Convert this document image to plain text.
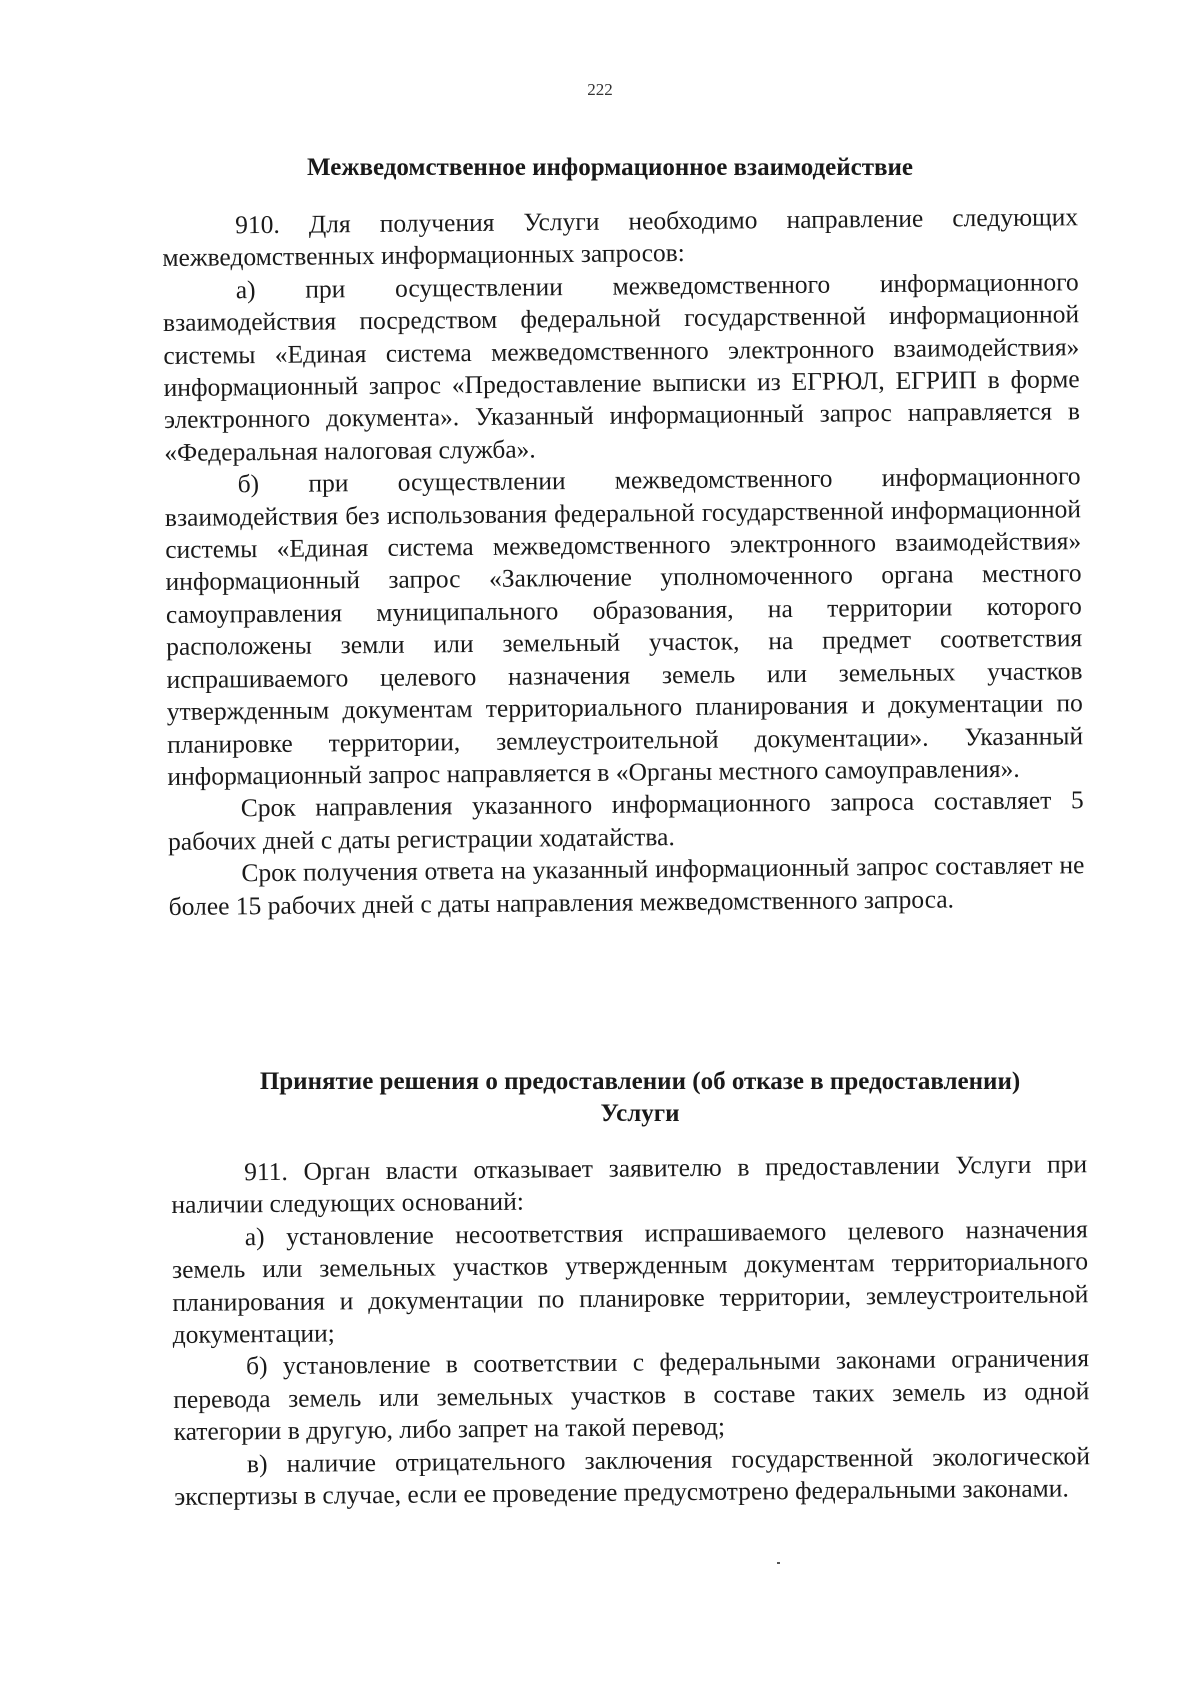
222
Межведомственное информационное взаимодействие

910. Для получения Услуги необходимо направление следующих межведомственных информационных запросов:

а) при осуществлении межведомственного информационного взаимодействия посредством федеральной государственной информационной системы «Единая система межведомственного электронного взаимодействия» информационный запрос «Предоставление выписки из ЕГРЮЛ, ЕГРИП в форме электронного документа». Указанный информационный запрос направляется в «Федеральная налоговая служба».

б) при осуществлении межведомственного информационного взаимодействия без использования федеральной государственной информационной системы «Единая система межведомственного электронного взаимодействия» информационный запрос «Заключение уполномоченного органа местного самоуправления муниципального образования, на территории которого расположены земли или земельный участок, на предмет соответствия испрашиваемого целевого назначения земель или земельных участков утвержденным документам территориального планирования и документации по планировке территории, землеустроительной документации». Указанный информационный запрос направляется в «Органы местного самоуправления».

Срок направления указанного информационного запроса составляет 5 рабочих дней с даты регистрации ходатайства.

Срок получения ответа на указанный информационный запрос составляет не более 15 рабочих дней с даты направления межведомственного запроса.

Принятие решения о предоставлении (об отказе в предоставлении)
Услуги

911. Орган власти отказывает заявителю в предоставлении Услуги при наличии следующих оснований:

а) установление несоответствия испрашиваемого целевого назначения земель или земельных участков утвержденным документам территориального планирования и документации по планировке территории, землеустроительной документации;

б) установление в соответствии с федеральными законами ограничения перевода земель или земельных участков в составе таких земель из одной категории в другую, либо запрет на такой перевод;

в) наличие отрицательного заключения государственной экологической экспертизы в случае, если ее проведение предусмотрено федеральными законами.
